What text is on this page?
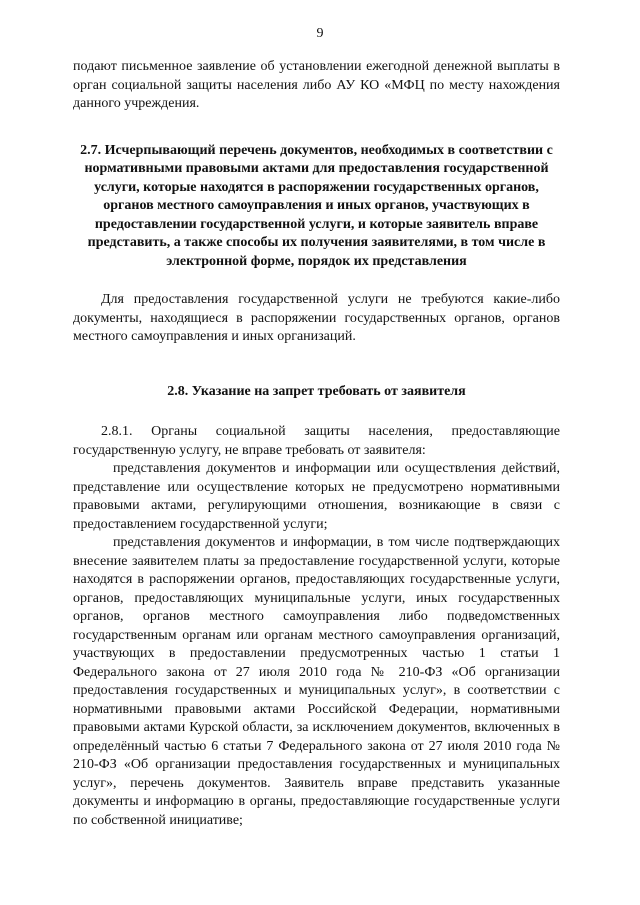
9

подают письменное заявление об установлении ежегодной денежной выплаты в орган социальной защиты населения либо АУ КО «МФЦ по месту нахождения данного учреждения.

2.7. Исчерпывающий перечень документов, необходимых в соответствии с нормативными правовыми актами для предоставления государственной услуги, которые находятся в распоряжении государственных органов, органов местного самоуправления и иных органов, участвующих в предоставлении государственной услуги, и которые заявитель вправе представить, а также способы их получения заявителями, в том числе в электронной форме, порядок их представления

Для предоставления государственной услуги не требуются какие-либо документы, находящиеся в распоряжении государственных органов, органов местного самоуправления и иных организаций.

2.8. Указание на запрет требовать от заявителя

2.8.1. Органы социальной защиты населения, предоставляющие государственную услугу, не вправе требовать от заявителя:

представления документов и информации или осуществления действий, представление или осуществление которых не предусмотрено нормативными правовыми актами, регулирующими отношения, возникающие в связи с предоставлением государственной услуги;

представления документов и информации, в том числе подтверждающих внесение заявителем платы за предоставление государственной услуги, которые находятся в распоряжении органов, предоставляющих государственные услуги, органов, предоставляющих муниципальные услуги, иных государственных органов, органов местного самоуправления либо подведомственных государственным органам или органам местного самоуправления организаций, участвующих в предоставлении предусмотренных частью 1 статьи 1 Федерального закона от 27 июля 2010 года № 210-ФЗ «Об организации предоставления государственных и муниципальных услуг», в соответствии с нормативными правовыми актами Российской Федерации, нормативными правовыми актами Курской области, за исключением документов, включенных в определённый частью 6 статьи 7 Федерального закона от 27 июля 2010 года № 210-ФЗ «Об организации предоставления государственных и муниципальных услуг», перечень документов. Заявитель вправе представить указанные документы и информацию в органы, предоставляющие государственные услуги по собственной инициативе;
